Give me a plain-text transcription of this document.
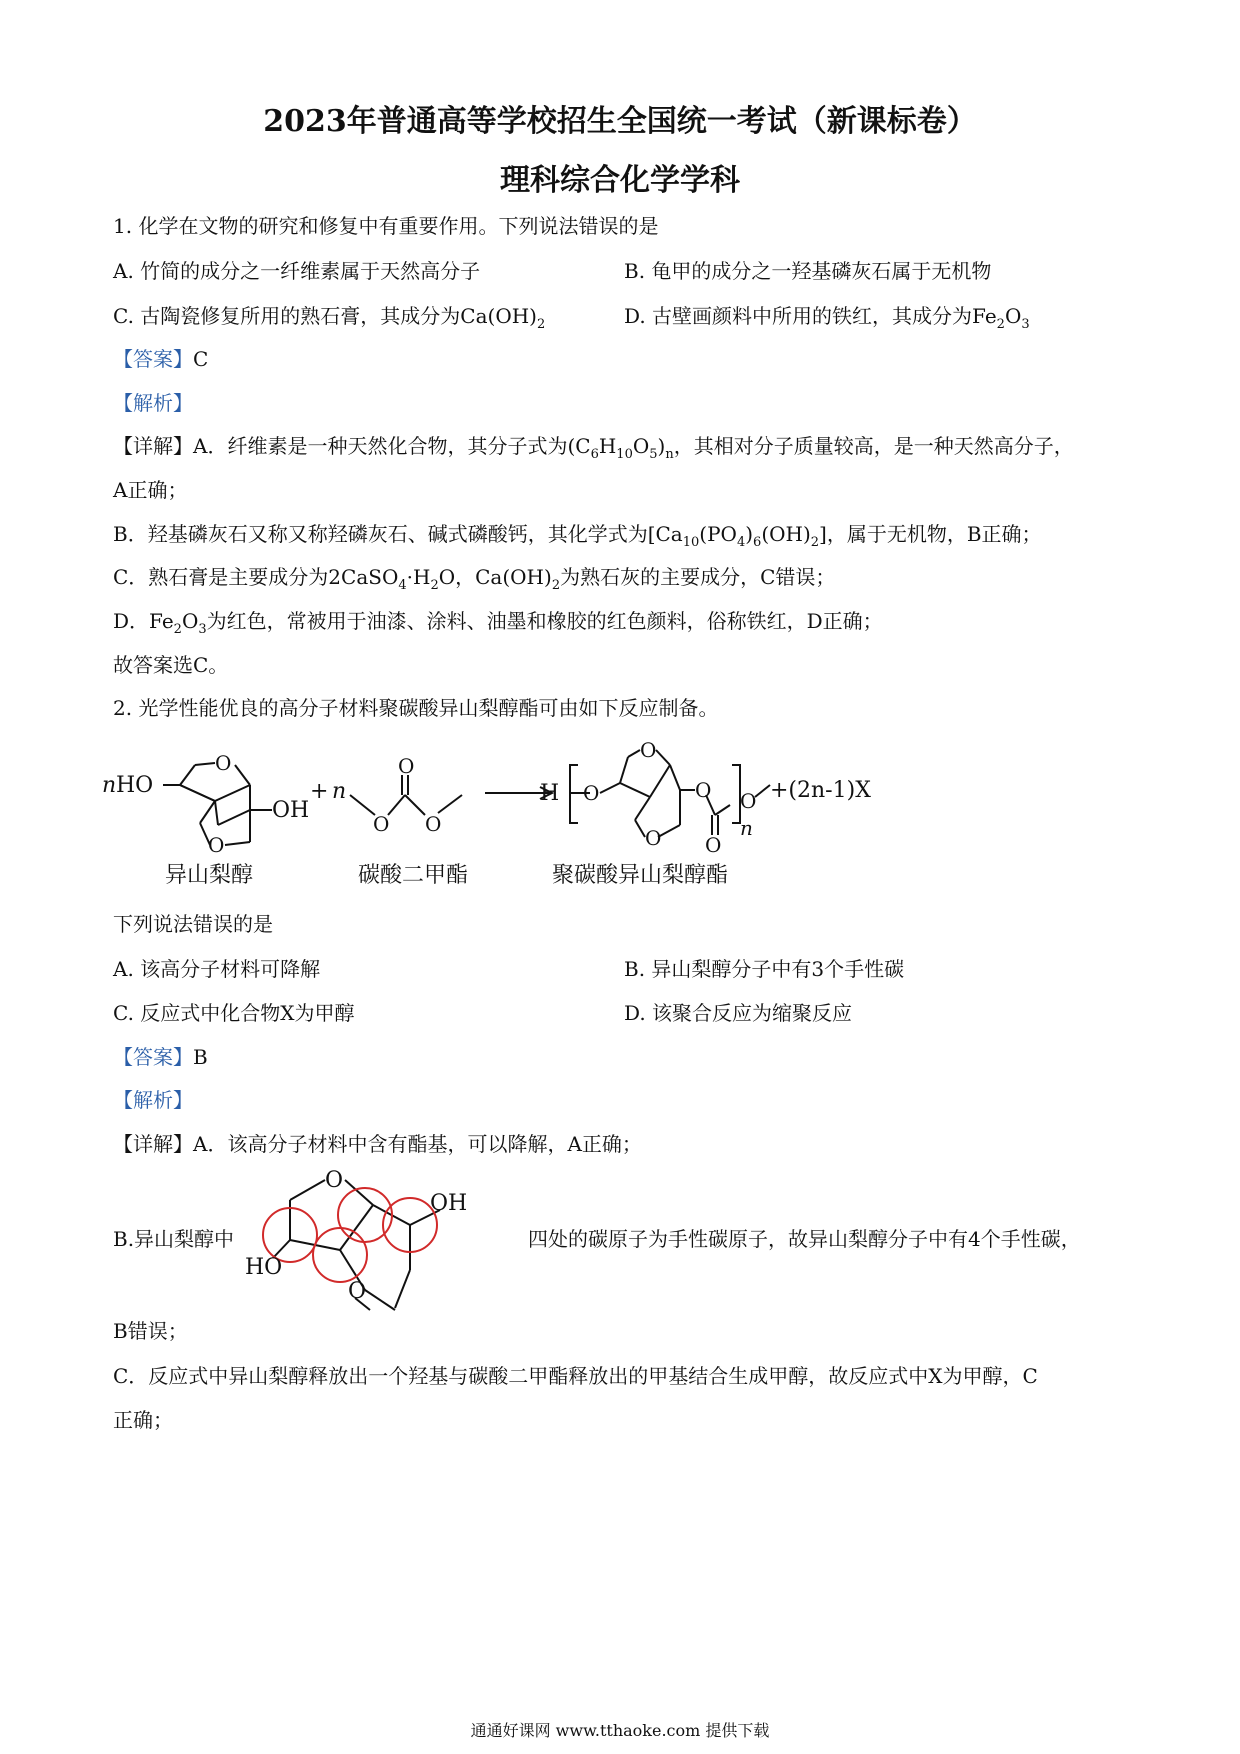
2023年普通高等学校招生全国统一考试（新课标卷）
理科综合化学学科
1. 化学在文物的研究和修复中有重要作用。下列说法错误的是
A. 竹简的成分之一纤维素属于天然高分子	B. 龟甲的成分之一羟基磷灰石属于无机物
C. 古陶瓷修复所用的熟石膏，其成分为$Ca(OH)_2$	D. 古壁画颜料中所用的铁红，其成分为$Fe_2O_3$
【答案】C
【解析】
【详解】A．纤维素是一种天然化合物，其分子式为$(C_6H_{10}O_5)_n$，其相对分子质量较高，是一种天然高分子，
A正确；
B．羟基磷灰石又称又称羟磷灰石、碱式磷酸钙，其化学式为$[Ca_{10}(PO_4)_6(OH)_2]$，属于无机物，B正确；
C．熟石膏是主要成分为$2CaSO_4\cdot H_2O$，$Ca(OH)_2$为熟石灰的主要成分，C错误；
D．$Fe_2O_3$为红色，常被用于油漆、涂料、油墨和橡胶的红色颜料，俗称铁红，D正确；
故答案选C。
2. 光学性能优良的高分子材料聚碳酸异山梨醇酯可由如下反应制备。
n HO
O
O
OH
+ n
O
O
O
H O
O
O
O
O
O
n
+(2n-1)X
异山梨醇	碳酸二甲酯	聚碳酸异山梨醇酯
下列说法错误的是
A. 该高分子材料可降解	B. 异山梨醇分子中有3个手性碳
C. 反应式中化合物X为甲醇	D. 该聚合反应为缩聚反应
【答案】B
【解析】
【详解】A．该高分子材料中含有酯基，可以降解，A正确；
B.异山梨醇中
O
OH
HO
O
四处的碳原子为手性碳原子，故异山梨醇分子中有4个手性碳，
B错误；
C．反应式中异山梨醇释放出一个羟基与碳酸二甲酯释放出的甲基结合生成甲醇，故反应式中X为甲醇，C
正确；
通通好课网 www.tthaoke.com 提供下载
